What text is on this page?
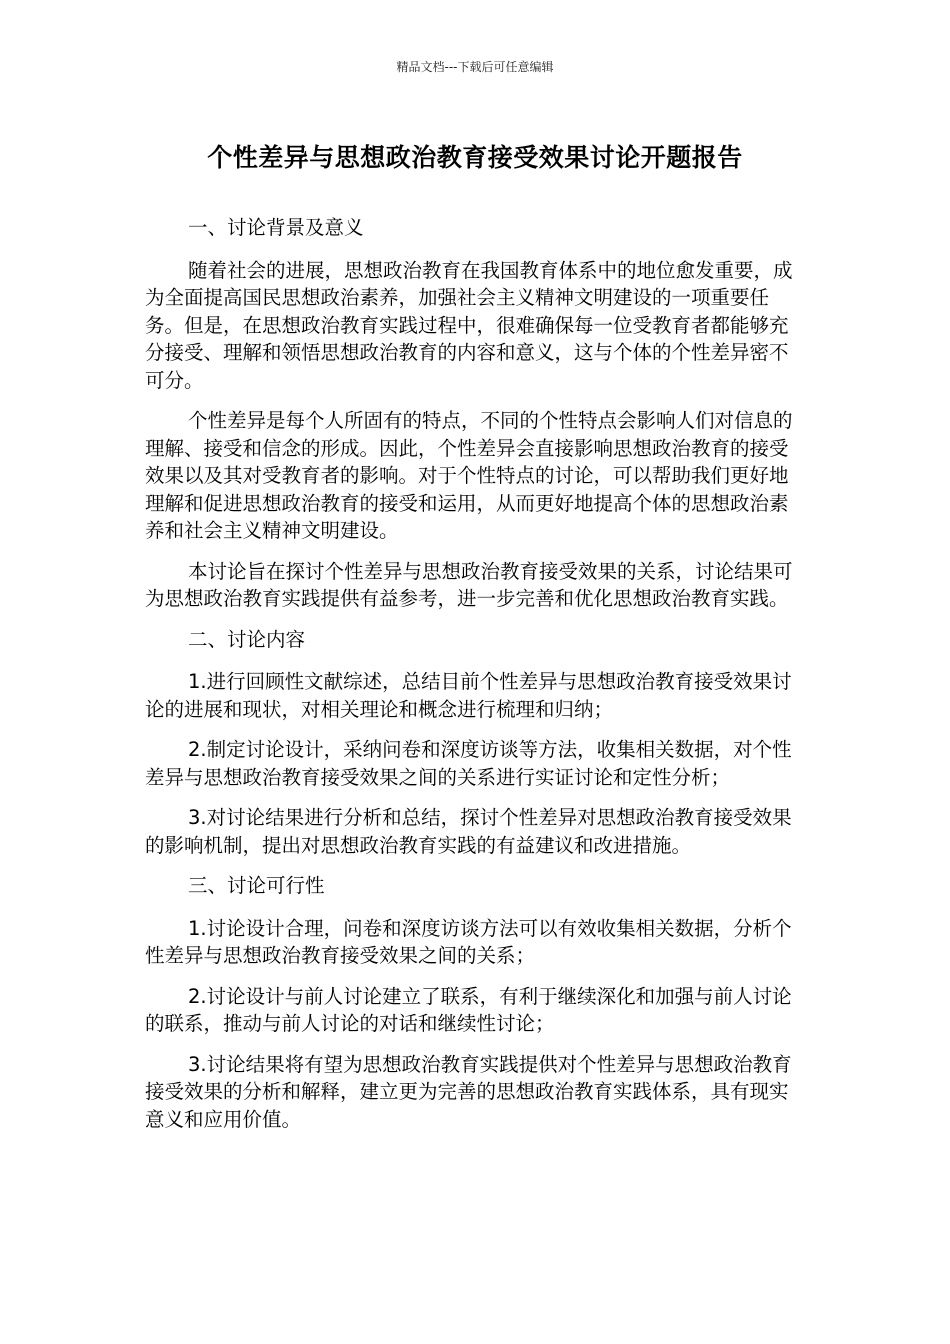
精品文档---下载后可任意编辑
个性差异与思想政治教育接受效果讨论开题报告

一、讨论背景及意义

随着社会的进展，思想政治教育在我国教育体系中的地位愈发重要，成为全面提高国民思想政治素养，加强社会主义精神文明建设的一项重要任务。但是，在思想政治教育实践过程中，很难确保每一位受教育者都能够充分接受、理解和领悟思想政治教育的内容和意义，这与个体的个性差异密不可分。

个性差异是每个人所固有的特点，不同的个性特点会影响人们对信息的理解、接受和信念的形成。因此，个性差异会直接影响思想政治教育的接受效果以及其对受教育者的影响。对于个性特点的讨论，可以帮助我们更好地理解和促进思想政治教育的接受和运用，从而更好地提高个体的思想政治素养和社会主义精神文明建设。

本讨论旨在探讨个性差异与思想政治教育接受效果的关系，讨论结果可为思想政治教育实践提供有益参考，进一步完善和优化思想政治教育实践。

二、讨论内容

1.进行回顾性文献综述，总结目前个性差异与思想政治教育接受效果讨论的进展和现状，对相关理论和概念进行梳理和归纳；

2.制定讨论设计，采纳问卷和深度访谈等方法，收集相关数据，对个性差异与思想政治教育接受效果之间的关系进行实证讨论和定性分析；

3.对讨论结果进行分析和总结，探讨个性差异对思想政治教育接受效果的影响机制，提出对思想政治教育实践的有益建议和改进措施。

三、讨论可行性

1.讨论设计合理，问卷和深度访谈方法可以有效收集相关数据，分析个性差异与思想政治教育接受效果之间的关系；

2.讨论设计与前人讨论建立了联系，有利于继续深化和加强与前人讨论的联系，推动与前人讨论的对话和继续性讨论；

3.讨论结果将有望为思想政治教育实践提供对个性差异与思想政治教育接受效果的分析和解释，建立更为完善的思想政治教育实践体系，具有现实意义和应用价值。
